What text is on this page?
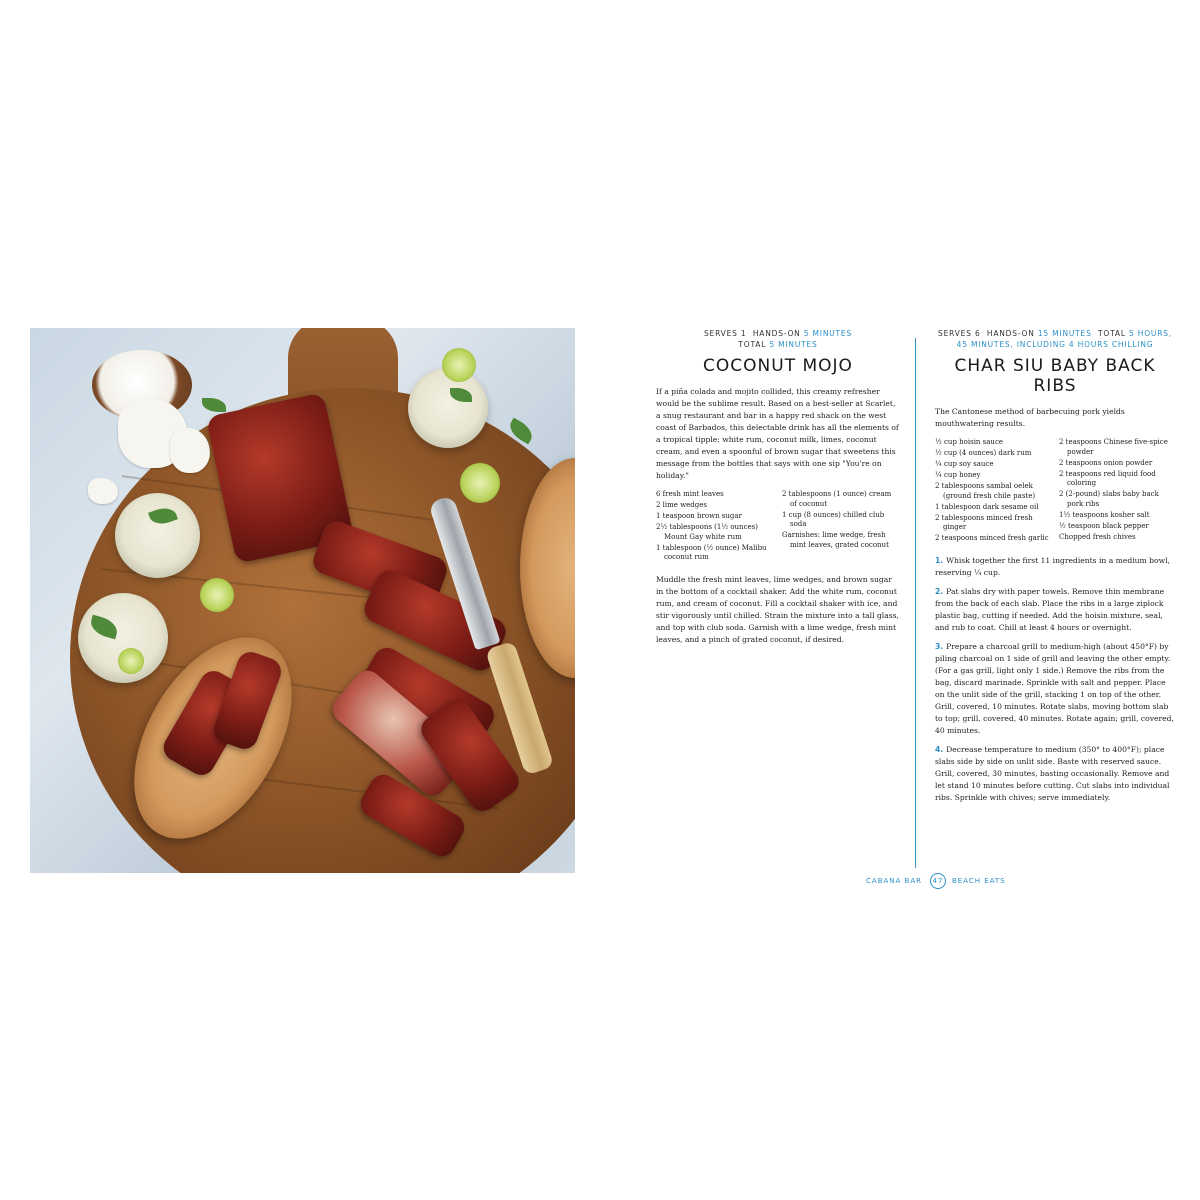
SERVES 1 HANDS-ON 5 MINUTES
TOTAL 5 MINUTES
COCONUT MOJO

If a piña colada and mojito collided, this creamy refresher would be the sublime result. Based on a best-seller at Scarlet, a snug restaurant and bar in a happy red shack on the west coast of Barbados, this delectable drink has all the elements of a tropical tipple: white rum, coconut milk, limes, coconut cream, and even a spoonful of brown sugar that sweetens this message from the bottles that says with one sip "You're on holiday."

6 fresh mint leaves
2 lime wedges
1 teaspoon brown sugar
2½ tablespoons (1½ ounces) Mount Gay white rum
1 tablespoon (½ ounce) Malibu coconut rum
2 tablespoons (1 ounce) cream of coconut
1 cup (8 ounces) chilled club soda
Garnishes: lime wedge, fresh mint leaves, grated coconut

Muddle the fresh mint leaves, lime wedges, and brown sugar in the bottom of a cocktail shaker. Add the white rum, coconut rum, and cream of coconut. Fill a cocktail shaker with ice, and stir vigorously until chilled. Strain the mixture into a tall glass, and top with club soda. Garnish with a lime wedge, fresh mint leaves, and a pinch of grated coconut, if desired.

SERVES 6 HANDS-ON 15 MINUTES TOTAL 5 HOURS,
45 MINUTES, INCLUDING 4 HOURS CHILLING
CHAR SIU BABY BACK RIBS

The Cantonese method of barbecuing pork yields mouthwatering results.

½ cup hoisin sauce
½ cup (4 ounces) dark rum
¼ cup soy sauce
¼ cup honey
2 tablespoons sambal oelek (ground fresh chile paste)
1 tablespoon dark sesame oil
2 tablespoons minced fresh ginger
2 teaspoons minced fresh garlic
2 teaspoons Chinese five-spice powder
2 teaspoons onion powder
2 teaspoons red liquid food coloring
2 (2-pound) slabs baby back pork ribs
1½ teaspoons kosher salt
½ teaspoon black pepper
Chopped fresh chives

1. Whisk together the first 11 ingredients in a medium bowl, reserving ¼ cup.

2. Pat slabs dry with paper towels. Remove thin membrane from the back of each slab. Place the ribs in a large ziplock plastic bag, cutting if needed. Add the hoisin mixture, seal, and rub to coat. Chill at least 4 hours or overnight.

3. Prepare a charcoal grill to medium-high (about 450°F) by piling charcoal on 1 side of grill and leaving the other empty. (For a gas grill, light only 1 side.) Remove the ribs from the bag, discard marinade. Sprinkle with salt and pepper. Place on the unlit side of the grill, stacking 1 on top of the other. Grill, covered, 10 minutes. Rotate slabs, moving bottom slab to top; grill, covered, 40 minutes. Rotate again; grill, covered, 40 minutes.

4. Decrease temperature to medium (350° to 400°F); place slabs side by side on unlit side. Baste with reserved sauce. Grill, covered, 30 minutes, basting occasionally. Remove and let stand 10 minutes before cutting. Cut slabs into individual ribs. Sprinkle with chives; serve immediately.

CABANA BAR	47	BEACH EATS
